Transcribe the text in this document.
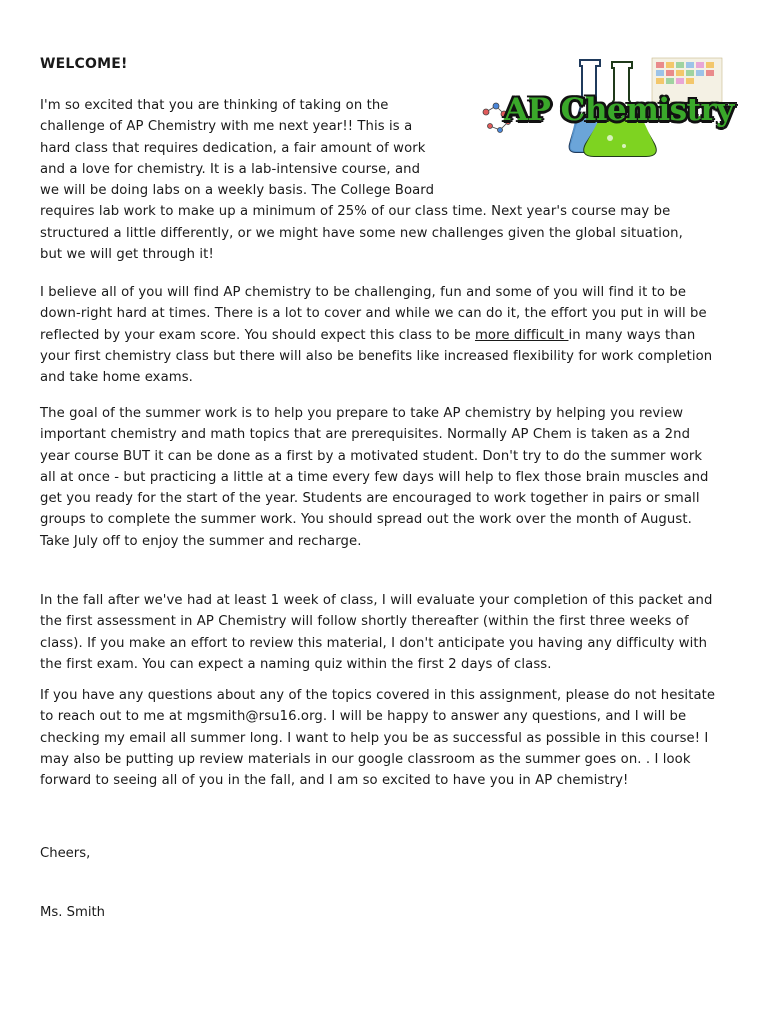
WELCOME!
AP Chemistry
I'm so excited that you are thinking of taking on the
challenge of AP Chemistry with me next year!! This is a
hard class that requires dedication, a fair amount of work
and a love for chemistry. It is a lab-intensive course, and
we will be doing labs on a weekly basis. The College Board
requires lab work to make up a minimum of 25% of our class time. Next year's course may be
structured a little differently, or we might have some new challenges given the global situation,
but we will get through it!
I believe all of you will find AP chemistry to be challenging, fun and some of you will find it to be down-right hard at times. There is a lot to cover and while we can do it, the effort you put in will be reflected by your exam score. You should expect this class to be more difficult in many ways than your first chemistry class but there will also be benefits like increased flexibility for work completion and take home exams.
The goal of the summer work is to help you prepare to take AP chemistry by helping you review important chemistry and math topics that are prerequisites. Normally AP Chem is taken as a 2nd year course BUT it can be done as a first by a motivated student. Don't try to do the summer work all at once - but practicing a little at a time every few days will help to flex those brain muscles and get you ready for the start of the year. Students are encouraged to work together in pairs or small groups to complete the summer work. You should spread out the work over the month of August. Take July off to enjoy the summer and recharge.
In the fall after we've had at least 1 week of class, I will evaluate your completion of this packet and the first assessment in AP Chemistry will follow shortly thereafter (within the first three weeks of class). If you make an effort to review this material, I don't anticipate you having any difficulty with the first exam. You can expect a naming quiz within the first 2 days of class.
If you have any questions about any of the topics covered in this assignment, please do not hesitate to reach out to me at mgsmith@rsu16.org. I will be happy to answer any questions, and I will be checking my email all summer long. I want to help you be as successful as possible in this course! I may also be putting up review materials in our google classroom as the summer goes on. . I look forward to seeing all of you in the fall, and I am so excited to have you in AP chemistry!
Cheers,
Ms. Smith
